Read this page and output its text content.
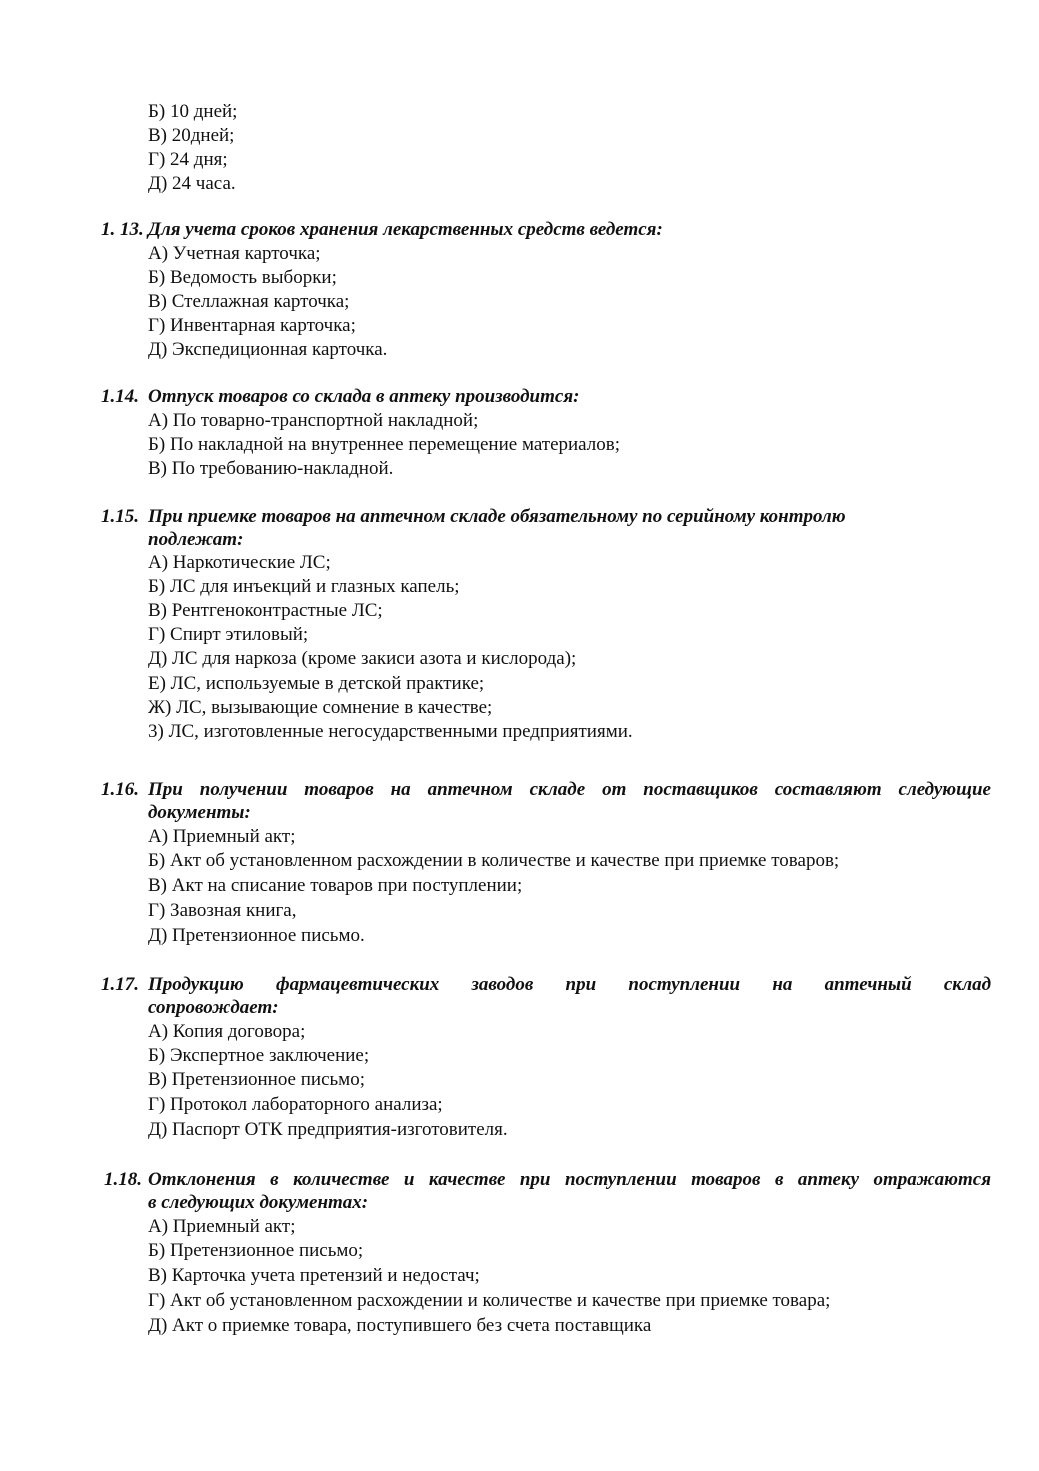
Б) 10 дней;
В) 20дней;
Г) 24 дня;
Д) 24 часа.
1. 13. Для учета сроков хранения лекарственных средств ведется:
А) Учетная карточка;
Б) Ведомость выборки;
В) Стеллажная карточка;
Г) Инвентарная карточка;
Д) Экспедиционная карточка.
1.14. Отпуск товаров со склада в аптеку производится:
А) По товарно-транспортной накладной;
Б) По накладной на внутреннее перемещение материалов;
В) По требованию-накладной.
1.15. При приемке товаров на аптечном складе обязательному по серийному контролю
подлежат:
А) Наркотические ЛС;
Б) ЛС для инъекций и глазных капель;
В) Рентгеноконтрастные ЛС;
Г) Спирт этиловый;
Д) ЛС для наркоза (кроме закиси азота и кислорода);
Е) ЛС, используемые в детской практике;
Ж) ЛС, вызывающие сомнение в качестве;
3) ЛС, изготовленные негосударственными предприятиями.
1.16. При получении товаров на аптечном складе от поставщиков составляют следующие
документы:
А) Приемный акт;
Б) Акт об установленном расхождении в количестве и качестве при приемке товаров;
В) Акт на списание товаров при поступлении;
Г) Завозная книга,
Д) Претензионное письмо.
1.17. Продукцию фармацевтических заводов при поступлении на аптечный склад
сопровождает:
А) Копия договора;
Б) Экспертное заключение;
В) Претензионное письмо;
Г) Протокол лабораторного анализа;
Д) Паспорт ОТК предприятия-изготовителя.
1.18. Отклонения в количестве и качестве при поступлении товаров в аптеку отражаются
в следующих документах:
А) Приемный акт;
Б) Претензионное письмо;
В) Карточка учета претензий и недостач;
Г) Акт об установленном расхождении и количестве и качестве при приемке товара;
Д) Акт о приемке товара, поступившего без счета поставщика
